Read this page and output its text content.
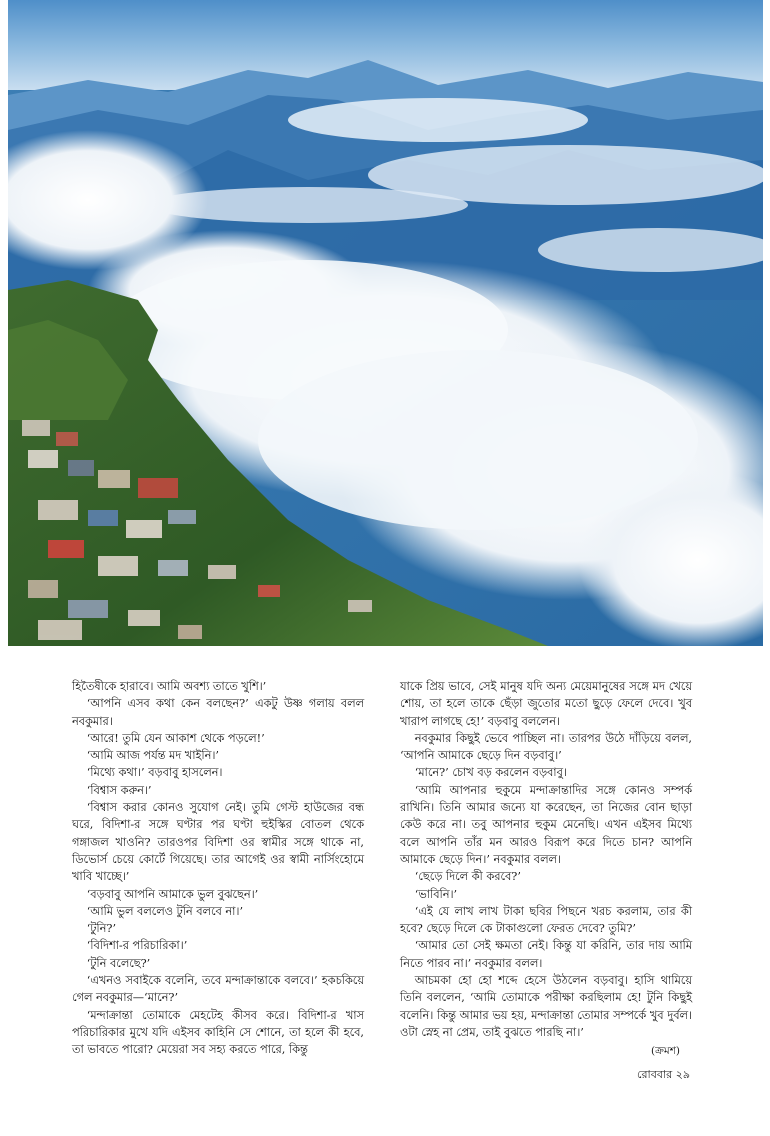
হিতৈষীকে হারাবে। আমি অবশ্য তাতে খুশি।’

‘আপনি এসব কথা কেন বলছেন?’ একটু উষ্ণ গলায় বলল নবকুমার।

‘আরে! তুমি যেন আকাশ থেকে পড়লে!’

‘আমি আজ পর্যন্ত মদ খাইনি।’

‘মিথ্যে কথা।’ বড়বাবু হাসলেন।

‘বিশ্বাস করুন।’

‘বিশ্বাস করার কোনও সুযোগ নেই। তুমি গেস্ট হাউজের বন্ধ ঘরে, বিদিশা-র সঙ্গে ঘণ্টার পর ঘণ্টা হুইস্কির বোতল থেকে গঙ্গাজল খাওনি? তারওপর বিদিশা ওর স্বামীর সঙ্গে থাকে না, ডিভোর্স চেয়ে কোর্টে গিয়েছে। তার আগেই ওর স্বামী নার্সিংহোমে খাবি খাচ্ছে।’

‘বড়বাবু আপনি আমাকে ভুল বুঝছেন।’

‘আমি ভুল বললেও টুনি বলবে না।’

‘টুনি?’

‘বিদিশা-র পরিচারিকা।’

‘টুনি বলেছে?’

‘এখনও সবাইকে বলেনি, তবে মন্দাক্রান্তাকে বলবে।’ হকচকিয়ে গেল নবকুমার—‘মানে?’

‘মন্দাক্রান্তা তোমাকে মেহটেহ কীসব করে। বিদিশা-র খাস পরিচারিকার মুখে যদি এইসব কাহিনি সে শোনে, তা হলে কী হবে, তা ভাবতে পারো? মেয়েরা সব সহ্য করতে পারে, কিন্তু

যাকে প্রিয় ভাবে, সেই মানুষ যদি অন্য মেয়েমানুষের সঙ্গে মদ খেয়ে শোয়, তা হলে তাকে ছেঁড়া জুতোর মতো ছুড়ে ফেলে দেবে। খুব খারাপ লাগছে হে!’ বড়বাবু বললেন।

নবকুমার কিছুই ভেবে পাচ্ছিল না। তারপর উঠে দাঁড়িয়ে বলল, ‘আপনি আমাকে ছেড়ে দিন বড়বাবু।’

‘মানে?’ চোখ বড় করলেন বড়বাবু।

‘আমি আপনার হুকুমে মন্দাক্রান্তাদির সঙ্গে কোনও সম্পর্ক রাখিনি। তিনি আমার জন্যে যা করেছেন, তা নিজের বোন ছাড়া কেউ করে না। তবু আপনার হুকুম মেনেছি। এখন এইসব মিথ্যে বলে আপনি তাঁর মন আরও বিরূপ করে দিতে চান? আপনি আমাকে ছেড়ে দিন।’ নবকুমার বলল।

‘ছেড়ে দিলে কী করবে?’

‘ভাবিনি।’

‘এই যে লাখ লাখ টাকা ছবির পিছনে খরচ করলাম, তার কী হবে? ছেড়ে দিলে কে টাকাগুলো ফেরত দেবে? তুমি?’

‘আমার তো সেই ক্ষমতা নেই। কিন্তু যা করিনি, তার দায় আমি নিতে পারব না।’ নবকুমার বলল।

আচমকা হো হো শব্দে হেসে উঠলেন বড়বাবু। হাসি থামিয়ে তিনি বললেন, ‘আমি তোমাকে পরীক্ষা করছিলাম হে! টুনি কিছুই বলেনি। কিন্তু আমার ভয় হয়, মন্দাক্রান্তা তোমার সম্পর্কে খুব দুর্বল। ওটা স্নেহ না প্রেম, তাই বুঝতে পারছি না।’

(ক্রমশ)
রোববার ২৯
